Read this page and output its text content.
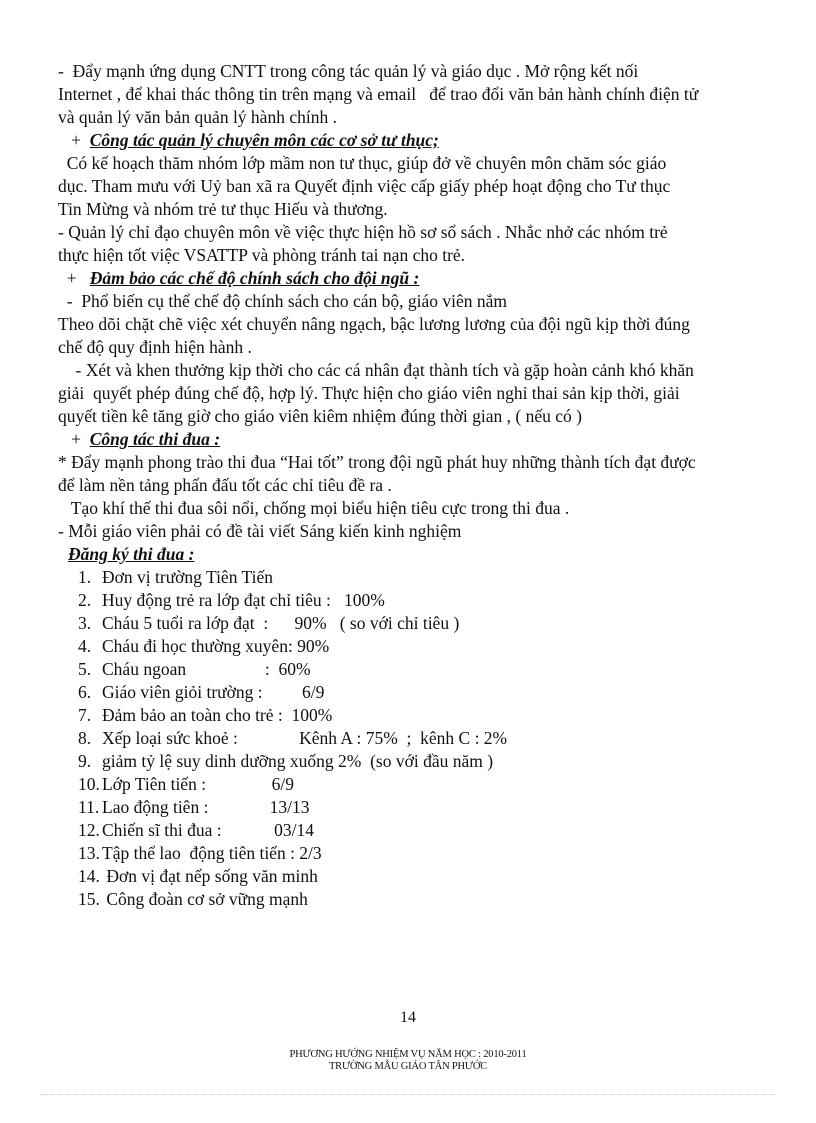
-  Đẩy mạnh ứng dụng CNTT trong công tác quản lý và giáo dục . Mở rộng kết nối
Internet , để khai thác thông tin trên mạng và email   để trao đổi văn bản hành chính điện tử
và quản lý văn bản quản lý hành chính .
+  Công tác quản lý chuyên môn các cơ sở tư thục;
Có kế hoạch thăm nhóm lớp mầm non tư thục, giúp đở về chuyên môn chăm sóc giáo
dục. Tham mưu với Uỷ ban xã ra Quyết định việc cấp giấy phép hoạt động cho Tư thục
Tin Mừng và nhóm trẻ tư thục Hiếu và thương.
- Quản lý chỉ đạo chuyên môn về việc thực hiện hồ sơ sổ sách . Nhắc nhở các nhóm trẻ
thực hiện tốt việc VSATTP và phòng tránh tai nạn cho trẻ.
+   Đảm bảo các chế độ chính sách cho đội ngũ :
-  Phổ biến cụ thể chế độ chính sách cho cán bộ, giáo viên nắm
Theo dõi chặt chẽ việc xét chuyển nâng ngạch, bậc lương lương của đội ngũ kịp thời đúng
chế độ quy định hiện hành .
- Xét và khen thưởng kịp thời cho các cá nhân đạt thành tích và gặp hoàn cảnh khó khăn
giải  quyết phép đúng chế độ, hợp lý. Thực hiện cho giáo viên nghỉ thai sản kịp thời, giải
quyết tiền kê tăng giờ cho giáo viên kiêm nhiệm đúng thời gian , ( nếu có )
+  Công tác thi đua :
* Đẩy mạnh phong trào thi đua “Hai tốt” trong đội ngũ phát huy những thành tích đạt được
để làm nền tảng phấn đấu tốt các chỉ tiêu đề ra .
Tạo khí thế thi đua sôi nổi, chống mọi biểu hiện tiêu cực trong thi đua .
- Mỗi giáo viên phải có đề tài viết Sáng kiến kinh nghiệm
Đăng ký thi đua :
1. Đơn vị trường Tiên Tiến
2. Huy động trẻ ra lớp đạt chỉ tiêu :   100%
3. Cháu 5 tuổi ra lớp đạt  :      90%   ( so với chỉ tiêu )
4. Cháu đi học thường xuyên: 90%
5. Cháu ngoan                  :  60%
6. Giáo viên giỏi trường :         6/9
7. Đảm bảo an toàn cho trẻ :  100%
8. Xếp loại sức khoẻ :              Kênh A : 75%  ;  kênh C : 2%
9. giảm tỷ lệ suy dinh dưỡng xuống 2%  (so với đầu năm )
10. Lớp Tiên tiến :               6/9
11. Lao động tiên :              13/13
12. Chiến sĩ thi đua :            03/14
13. Tập thể lao  động tiên tiến : 2/3
14. Đơn vị đạt nếp sống văn minh
15. Công đoàn cơ sở vững mạnh
14
PHƯƠNG HƯỚNG NHIỆM VỤ NĂM HỌC : 2010-2011
TRƯỜNG MẪU GIÁO TÂN PHƯỚC
